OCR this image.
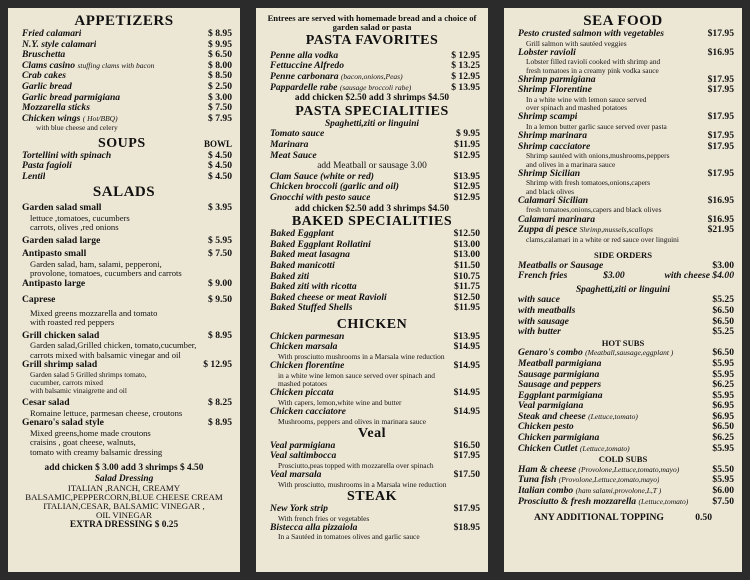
APPETIZERS
Fried calamari	$ 8.95
N.Y. style calamari	$ 9.95
Bruschetta	$ 6.50
Clams casino stuffing clams with bacon	$ 8.00
Crab cakes	$ 8.50
Garlic bread	$ 2.50
Garlic bread parmigiana	$ 3.00
Mozzarella sticks	$ 7.50
Chicken wings ( Hot/BBQ)	$ 7.95
with blue cheese and celery
SOUPS	BOWL
Tortellini with spinach	$ 4.50
Pasta fagioli	$ 4.50
Lentil	$ 4.50
SALADS
Garden salad small	$ 3.95
lettuce ,tomatoes, cucumbers
carrots, olives ,red onions
Garden salad large	$ 5.95
Antipasto small	$ 7.50
Garden salad, ham, salami, pepperoni,
provolone, tomatoes, cucumbers and carrots
Antipasto large	$ 9.00
Caprese	$ 9.50
Mixed greens mozzarella and tomato
with roasted red peppers
Grill chicken salad	$ 8.95
Garden salad,Grilled chicken, tomato,cucumber,
carrots mixed with balsamic vinegar and oil
Grill shrimp salad	$ 12.95
Garden salad 5 Grilled shrimps tomato,
cucumber, carrots mixed
with balsamic vinaigrette and oil
Cesar salad	$ 8.25
Romaine lettuce, parmesan cheese, croutons
Genaro's salad style	$ 8.95
Mixed greens,home made croutons
craisins , goat cheese, walnuts,
tomato with creamy balsamic dressing
add chicken $ 3.00 add 3 shrimps $ 4.50
Salad Dressing
ITALIAN ,RANCH, CREAMY
BALSAMIC,PEPPERCORN,BLUE CHEESE CREAM
ITALIAN,CESAR, BALSAMIC VINEGAR ,
OIL VINEGAR
EXTRA DRESSING $ 0.25
Entrees are served with homemade bread and a choice of garden salad or pasta
PASTA FAVORITES
Penne alla vodka	$ 12.95
Fettuccine Alfredo	$ 13.25
Penne carbonara (bacon,onions,Peas)	$ 12.95
Pappardelle rabe (sausage broccoli rabe)	$ 13.95
add chicken $2.50 add 3 shrimps $4.50
PASTA SPECIALITIES
Spaghetti,ziti or linguini
Tomato sauce	$ 9.95
Marinara	$11.95
Meat Sauce	$12.95
add Meatball or sausage 3.00
Clam Sauce (white or red)	$13.95
Chicken broccoli (garlic and oil)	$12.95
Gnocchi with pesto sauce	$12.95
add chicken $2.50 add 3 shrimps $4.50
BAKED SPECIALITIES
Baked Eggplant	$12.50
Baked Eggplant Rollatini	$13.00
Baked meat lasagna	$13.00
Baked manicotti	$11.50
Baked ziti	$10.75
Baked ziti with ricotta	$11.75
Baked cheese or meat Ravioli	$12.50
Baked Stuffed Shells	$11.95
CHICKEN
Chicken parmesan	$13.95
Chicken marsala	$14.95
With prosciutto mushrooms in a Marsala wine reduction
Chicken florentine	$14.95
in a white wine lemon sauce served over spinach and
mashed potatoes
Chicken piccata	$14.95
With capers, lemon,white wine and butter
Chicken cacciatore	$14.95
Mushrooms, peppers and olives in marinara sauce
Veal
Veal parmigiana	$16.50
Veal saltimbocca	$17.95
Prosciutto,peas topped with mozzarella over spinach
Veal marsala	$17.50
With prosciutto, mushrooms in a Marsala wine reduction
STEAK
New York strip	$17.95
With french fries or vegetables
Bistecca alla pizzaiola	$18.95
In a Sautéed in tomatoes olives and garlic sauce
SEA FOOD
Pesto crusted salmon with vegetables	$17.95
Grill salmon with sautéed veggies
Lobster ravioli	$16.95
Lobster filled ravioli cooked with shrimp and
fresh tomatoes in a creamy pink vodka sauce
Shrimp parmigiana	$17.95
Shrimp Florentine	$17.95
In a white wine with lemon sauce served
over spinach and mashed potatoes
Shrimp scampi	$17.95
In a lemon butter garlic sauce served over pasta
Shrimp marinara	$17.95
Shrimp cacciatore	$17.95
Shrimp sautéed with onions,mushrooms,peppers
and olives in a marinara sauce
Shrimp Sicilian	$17.95
Shrimp with fresh tomatoes,onions,capers
and black olives
Calamari Sicilian	$16.95
fresh tomatoes,onions,capers and black olives
Calamari marinara	$16.95
Zuppa di pesce Shrimp,mussels,scallops	$21.95
clams,calamari in a white or red sauce over linguini
SIDE ORDERS
Meatballs or Sausage	$3.00
French fries	$3.00	with cheese $4.00
Spaghetti,ziti or linguini
with sauce	$5.25
with meatballs	$6.50
with sausage	$6.50
with butter	$5.25
HOT SUBS
Genaro's combo (Meatball,sausage,eggplant )	$6.50
Meatball parmigiana	$5.95
Sausage parmigiana	$5.95
Sausage and peppers	$6.25
Eggplant parmigiana	$5.95
Veal parmigiana	$6.95
Steak and cheese (Lettuce,tomato)	$6.95
Chicken pesto	$6.50
Chicken parmigiana	$6.25
Chicken Cutlet (Lettuce,tomato)	$5.95
COLD SUBS
Ham & cheese (Provolone,Lettuce,tomato,mayo)	$5.50
Tuna fish (Provolone,Lettuce,tomato,mayo)	$5.95
Italian combo (ham salami,provolone,L,T )	$6.00
Prosciutto & fresh mozzarella (Lettuce,tomato)	$7.50
ANY ADDITIONAL TOPPING	0.50
